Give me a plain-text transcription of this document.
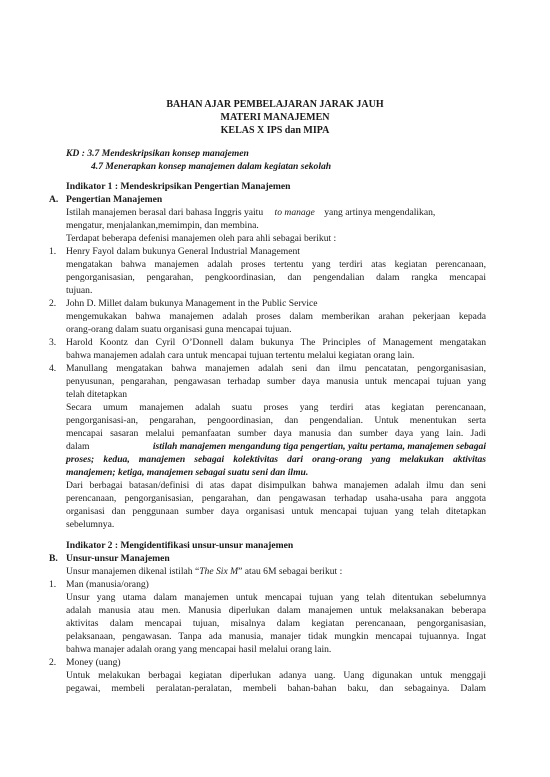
BAHAN AJAR PEMBELAJARAN JARAK JAUH
MATERI MANAJEMEN
KELAS X IPS dan MIPA
KD : 3.7 Mendeskripsikan konsep manajemen
4.7 Menerapkan konsep manajemen dalam kegiatan sekolah
Indikator 1 : Mendeskripsikan Pengertian Manajemen
A. Pengertian Manajemen
Istilah manajemen berasal dari bahasa Inggris yaitu to manage yang artinya mengendalikan,
mengatur, menjalankan,memimpin, dan membina.
Terdapat beberapa defenisi manajemen oleh para ahli sebagai berikut :
1. Henry Fayol dalam bukunya General Industrial Management
mengatakan bahwa manajemen adalah proses tertentu yang terdiri atas kegiatan perencanaan,
pengorganisasian, pengarahan, pengkoordinasian, dan pengendalian dalam rangka mencapai
tujuan.
2. John D. Millet dalam bukunya Management in the Public Service
mengemukakan bahwa manajemen adalah proses dalam memberikan arahan pekerjaan kepada
orang-orang dalam suatu organisasi guna mencapai tujuan.
3. Harold Koontz dan Cyril O’Donnell dalam bukunya The Principles of Management mengatakan
bahwa manajemen adalah cara untuk mencapai tujuan tertentu melalui kegiatan orang lain.
4. Manullang mengatakan bahwa manajemen adalah seni dan ilmu pencatatan, pengorganisasian,
penyusunan, pengarahan, pengawasan terhadap sumber daya manusia untuk mencapai tujuan yang
telah ditetapkan
Secara umum manajemen adalah suatu proses yang terdiri atas kegiatan perencanaan,
pengorganisasi-an, pengarahan, pengoordinasian, dan pengendalian. Untuk menentukan serta
mencapai sasaran melalui pemanfaatan sumber daya manusia dan sumber daya yang lain. Jadi
dalam	istilah manajemen mengandung tiga pengertian, yaitu pertama, manajemen sebagai
proses; kedua, manajemen sebagai kolektivitas dari orang-orang yang melakukan aktivitas
manajemen; ketiga, manajemen sebagai suatu seni dan ilmu.
Dari berbagai batasan/definisi di atas dapat disimpulkan bahwa manajemen adalah ilmu dan seni
perencanaan, pengorganisasian, pengarahan, dan pengawasan terhadap usaha-usaha para anggota
organisasi dan penggunaan sumber daya organisasi untuk mencapai tujuan yang telah ditetapkan
sebelumnya.
Indikator 2 : Mengidentifikasi unsur-unsur manajemen
B. Unsur-unsur Manajemen
Unsur manajemen dikenal istilah “The Six M” atau 6M sebagai berikut :
1. Man (manusia/orang)
Unsur yang utama dalam manajemen untuk mencapai tujuan yang telah ditentukan sebelumnya
adalah manusia atau men. Manusia diperlukan dalam manajemen untuk melaksanakan beberapa
aktivitas dalam mencapai tujuan, misalnya dalam kegiatan perencanaan, pengorganisasian,
pelaksanaan, pengawasan. Tanpa ada manusia, manajer tidak mungkin mencapai tujuannya. Ingat
bahwa manajer adalah orang yang mencapai hasil melalui orang lain.
2. Money (uang)
Untuk melakukan berbagai kegiatan diperlukan adanya uang. Uang digunakan untuk menggaji
pegawai, membeli peralatan-peralatan, membeli bahan-bahan baku, dan sebagainya. Dalam
